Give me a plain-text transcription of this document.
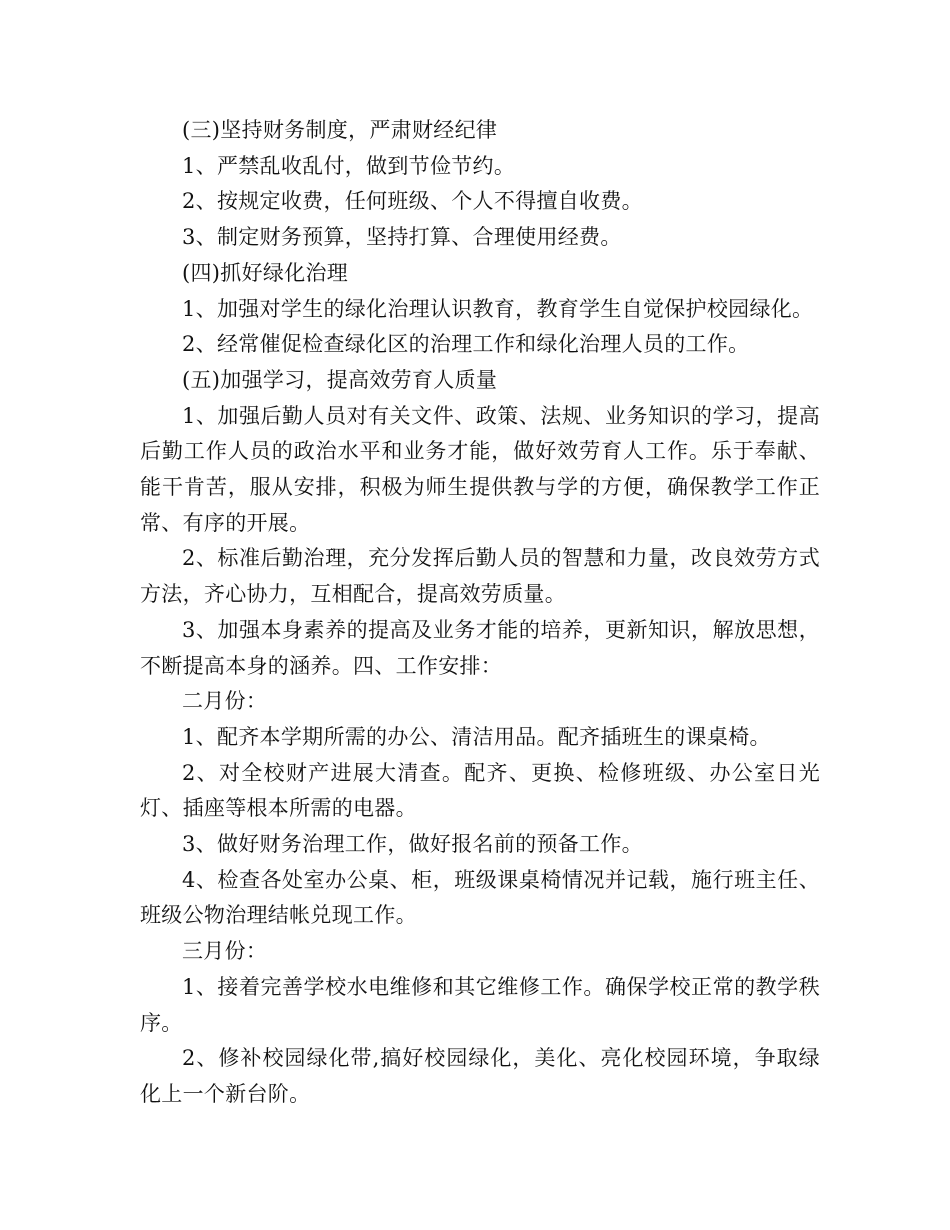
(三)坚持财务制度，严肃财经纪律

1、严禁乱收乱付，做到节俭节约。

2、按规定收费，任何班级、个人不得擅自收费。

3、制定财务预算，坚持打算、合理使用经费。

(四)抓好绿化治理

1、加强对学生的绿化治理认识教育，教育学生自觉保护校园绿化。

2、经常催促检查绿化区的治理工作和绿化治理人员的工作。

(五)加强学习，提高效劳育人质量

1、加强后勤人员对有关文件、政策、法规、业务知识的学习，提高后勤工作人员的政治水平和业务才能，做好效劳育人工作。乐于奉献、能干肯苦，服从安排，积极为师生提供教与学的方便，确保教学工作正常、有序的开展。

2、标准后勤治理，充分发挥后勤人员的智慧和力量，改良效劳方式方法，齐心协力，互相配合，提高效劳质量。

3、加强本身素养的提高及业务才能的培养，更新知识，解放思想，不断提高本身的涵养。四、工作安排：

二月份：

1、配齐本学期所需的办公、清洁用品。配齐插班生的课桌椅。

2、对全校财产进展大清查。配齐、更换、检修班级、办公室日光灯、插座等根本所需的电器。

3、做好财务治理工作，做好报名前的预备工作。

4、检查各处室办公桌、柜，班级课桌椅情况并记载，施行班主任、班级公物治理结帐兑现工作。

三月份：

1、接着完善学校水电维修和其它维修工作。确保学校正常的教学秩序。

2、修补校园绿化带,搞好校园绿化，美化、亮化校园环境，争取绿化上一个新台阶。
